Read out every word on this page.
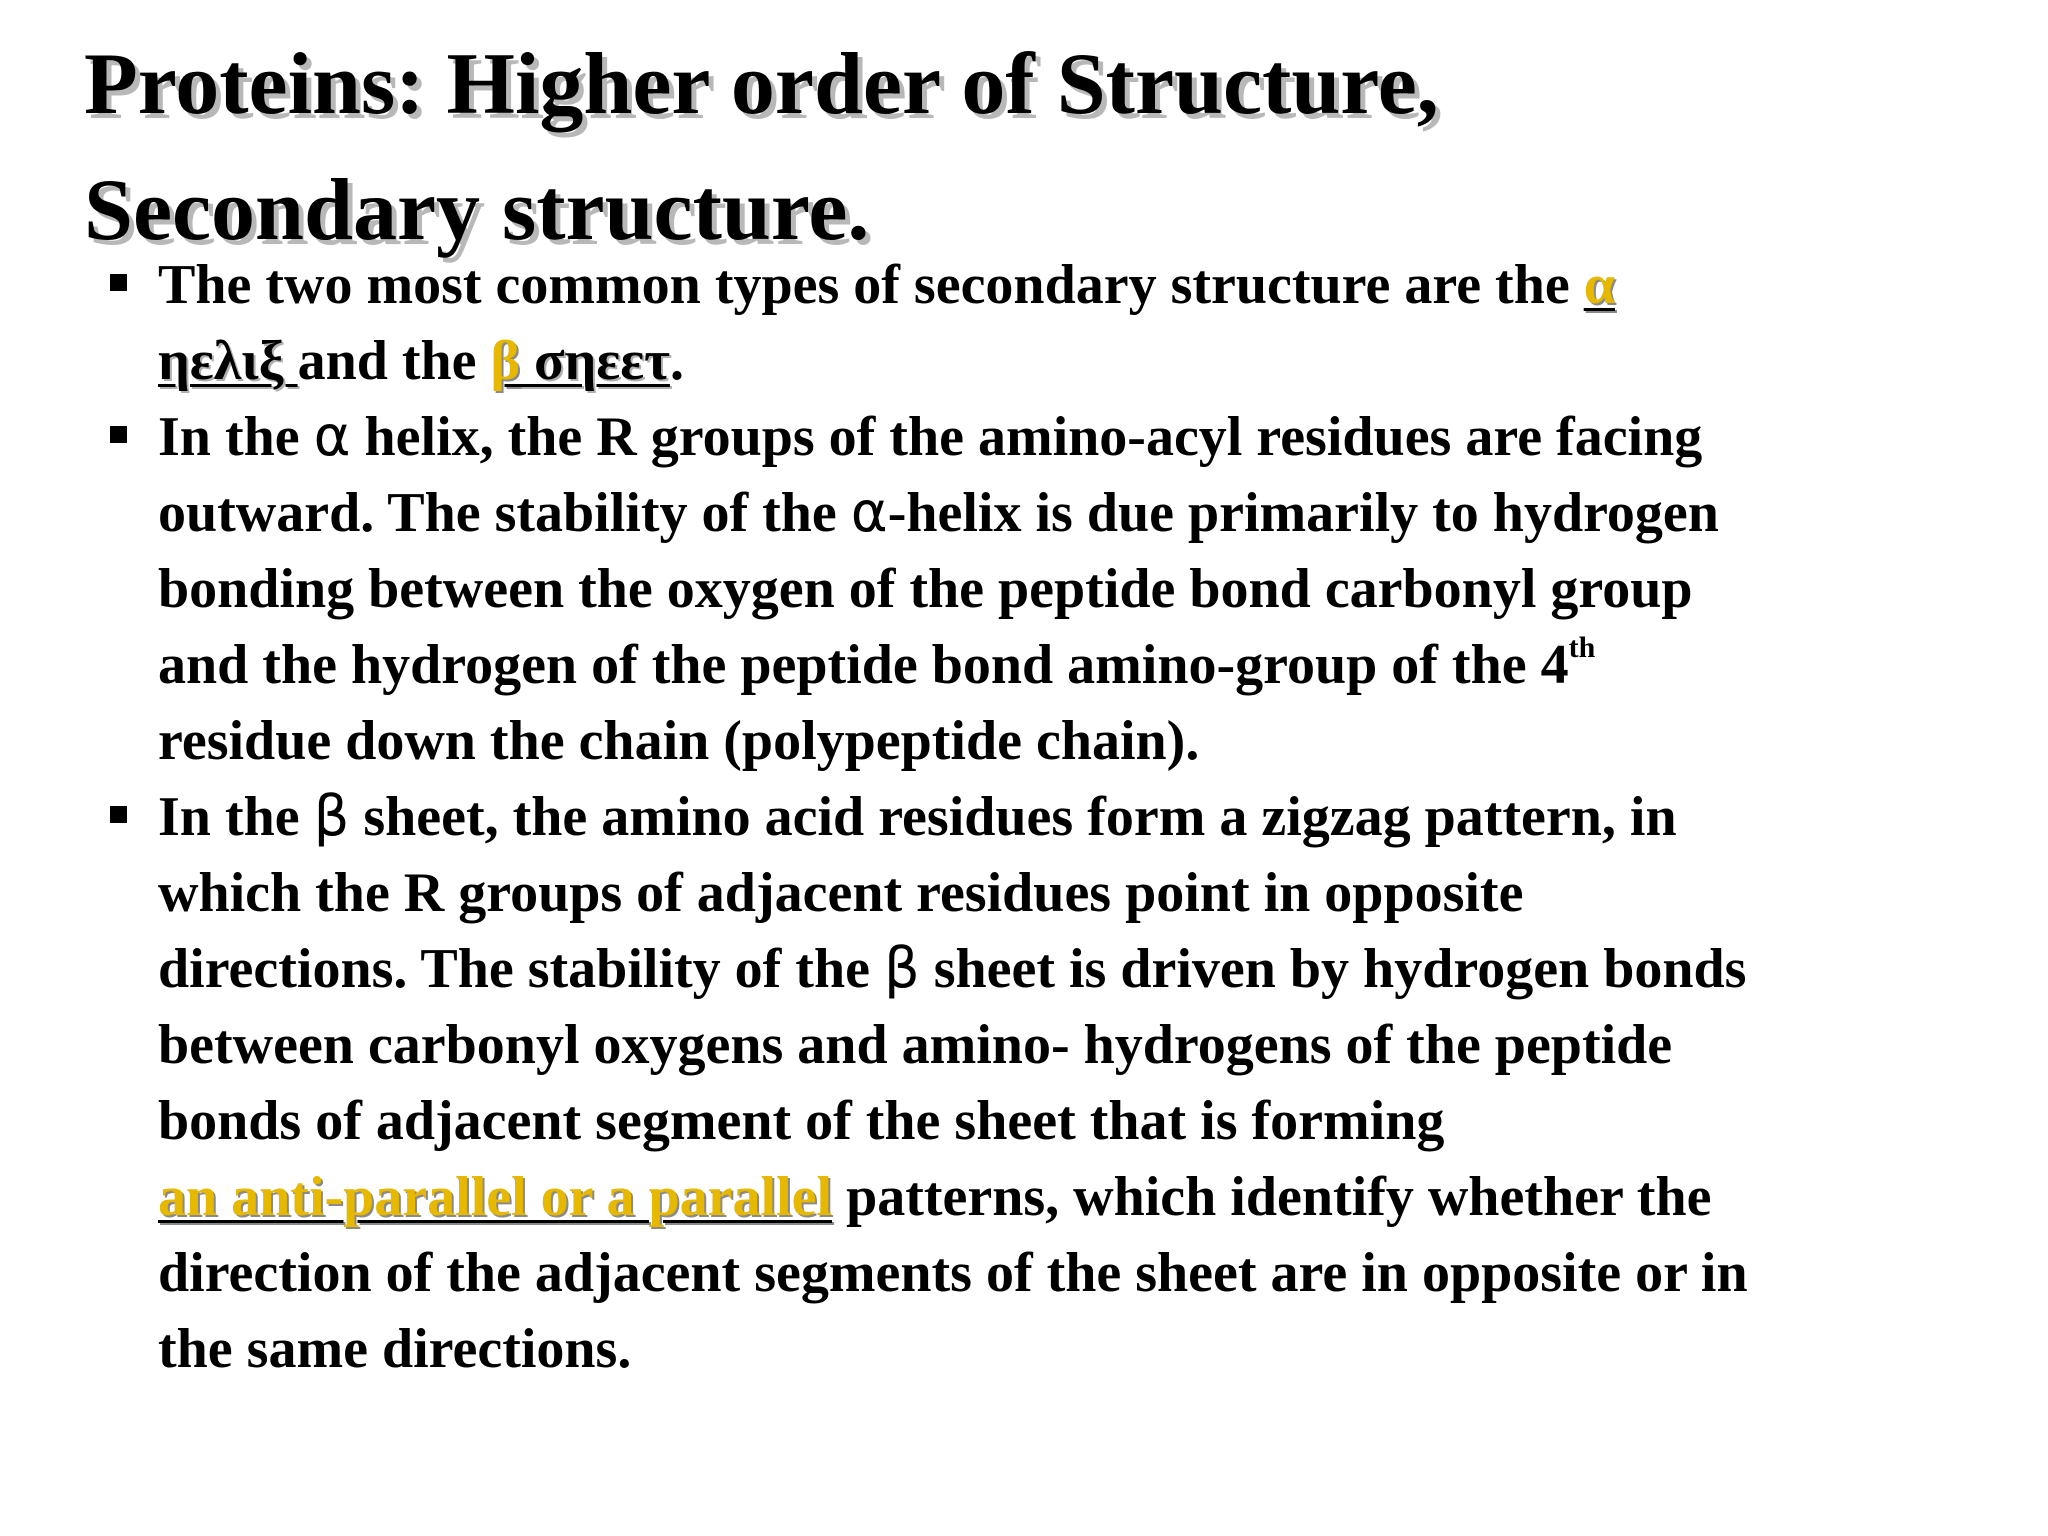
Proteins: Higher order of Structure,
Secondary structure.
The two most common types of secondary structure are the α
ηελιξ and the β σηεετ.
In the α helix, the R groups of the amino-acyl residues are facing
outward. The stability of the α-helix is due primarily to hydrogen
bonding between the oxygen of the peptide bond carbonyl group
and the hydrogen of the peptide bond amino-group of the 4th
residue down the chain (polypeptide chain).
In the β sheet, the amino acid residues form a zigzag pattern, in
which the R groups of adjacent residues point in opposite
directions. The stability of the β sheet is driven by hydrogen bonds
between carbonyl oxygens and amino- hydrogens of the peptide
bonds of adjacent segment of the sheet that is forming
an anti-parallel or a parallel patterns, which identify whether the
direction of the adjacent segments of the sheet are in opposite or in
the same directions.
